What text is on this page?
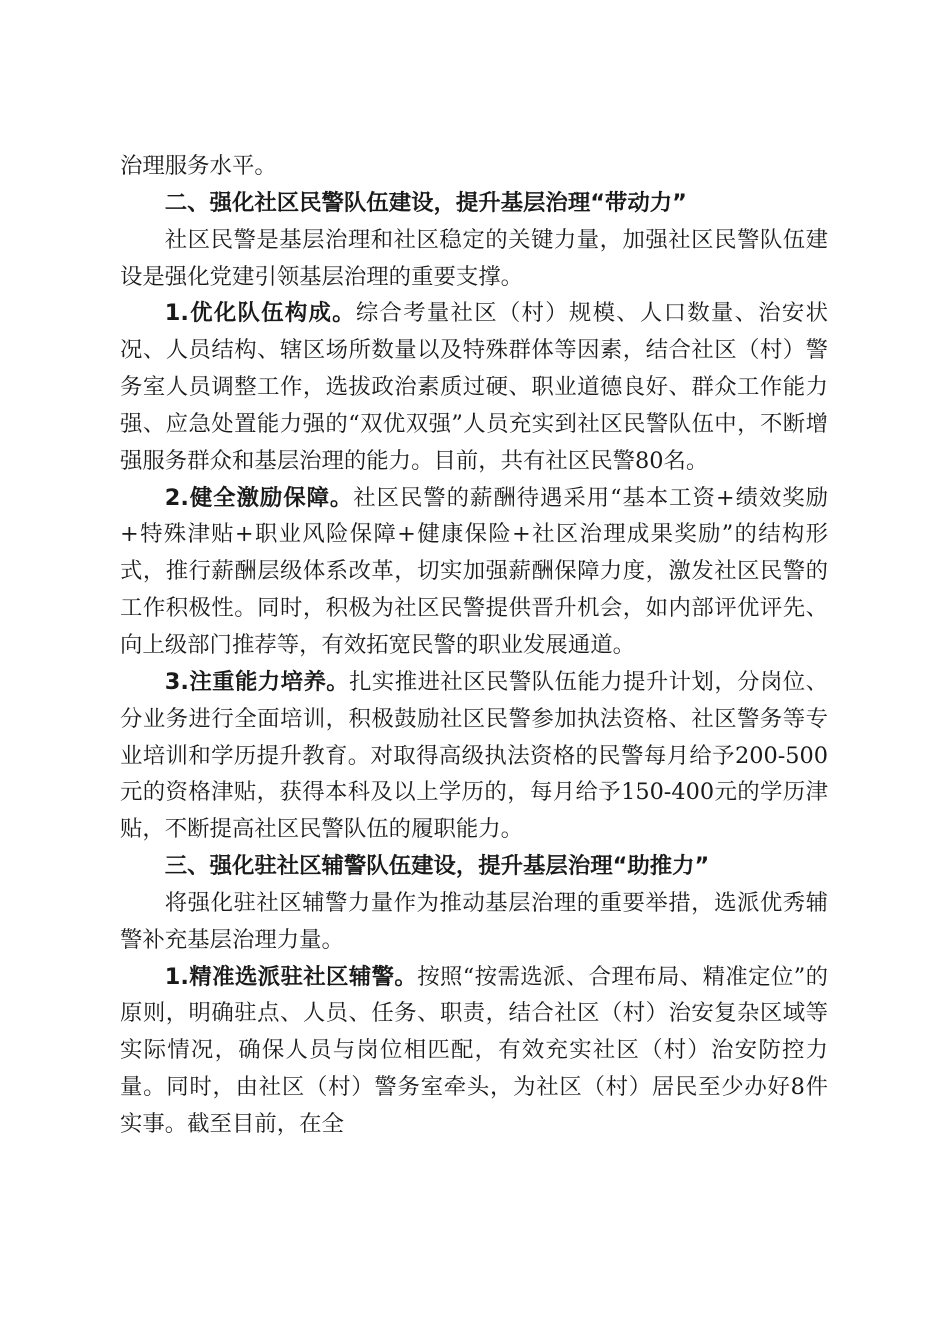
治理服务水平。

二、强化社区民警队伍建设，提升基层治理“带动力”

社区民警是基层治理和社区稳定的关键力量，加强社区民警队伍建设是强化党建引领基层治理的重要支撑。

1.优化队伍构成。综合考量社区（村）规模、人口数量、治安状况、人员结构、辖区场所数量以及特殊群体等因素，结合社区（村）警务室人员调整工作，选拔政治素质过硬、职业道德良好、群众工作能力强、应急处置能力强的“双优双强”人员充实到社区民警队伍中，不断增强服务群众和基层治理的能力。目前，共有社区民警80名。

2.健全激励保障。社区民警的薪酬待遇采用“基本工资+绩效奖励+特殊津贴+职业风险保障+健康保险+社区治理成果奖励”的结构形式，推行薪酬层级体系改革，切实加强薪酬保障力度，激发社区民警的工作积极性。同时，积极为社区民警提供晋升机会，如内部评优评先、向上级部门推荐等，有效拓宽民警的职业发展通道。

3.注重能力培养。扎实推进社区民警队伍能力提升计划，分岗位、分业务进行全面培训，积极鼓励社区民警参加执法资格、社区警务等专业培训和学历提升教育。对取得高级执法资格的民警每月给予200-500元的资格津贴，获得本科及以上学历的，每月给予150-400元的学历津贴，不断提高社区民警队伍的履职能力。

三、强化驻社区辅警队伍建设，提升基层治理“助推力”

将强化驻社区辅警力量作为推动基层治理的重要举措，选派优秀辅警补充基层治理力量。

1.精准选派驻社区辅警。按照“按需选派、合理布局、精准定位”的原则，明确驻点、人员、任务、职责，结合社区（村）治安复杂区域等实际情况，确保人员与岗位相匹配，有效充实社区（村）治安防控力量。同时，由社区（村）警务室牵头，为社区（村）居民至少办好8件实事。截至目前，在全
